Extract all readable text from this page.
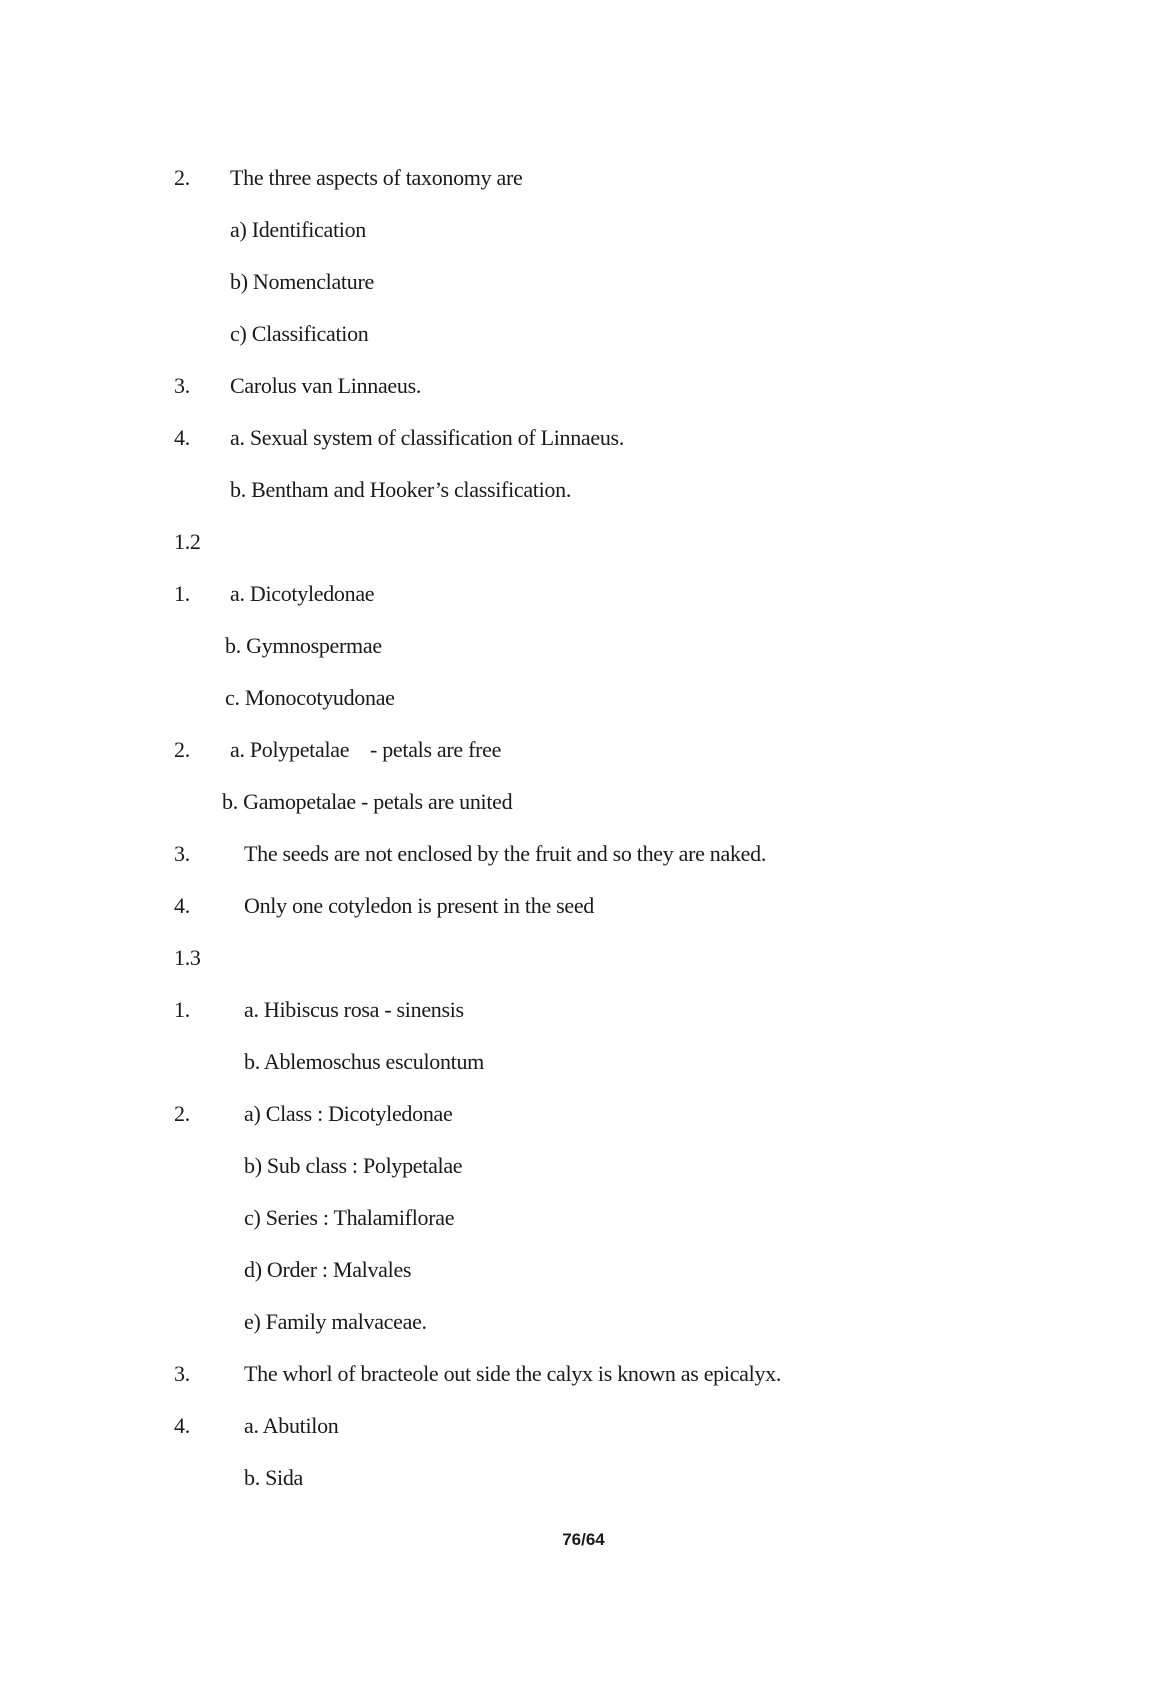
2. The three aspects of taxonomy are
a) Identification
b) Nomenclature
c) Classification
3. Carolus van Linnaeus.
4. a. Sexual system of classification of Linnaeus.
b. Bentham and Hooker’s classification.
1.2
1. a. Dicotyledonae
b. Gymnospermae
c. Monocotyudonae
2. a. Polypetalae    - petals are free
b. Gamopetalae - petals are united
3. The seeds are not enclosed by the fruit and so they are naked.
4. Only one cotyledon is present in the seed
1.3
1. a. Hibiscus rosa - sinensis
b. Ablemoschus esculontum
2. a) Class : Dicotyledonae
b) Sub class : Polypetalae
c) Series : Thalamiflorae
d) Order : Malvales
e) Family malvaceae.
3. The whorl of bracteole out side the calyx is known as epicalyx.
4. a. Abutilon
b. Sida
76/64
